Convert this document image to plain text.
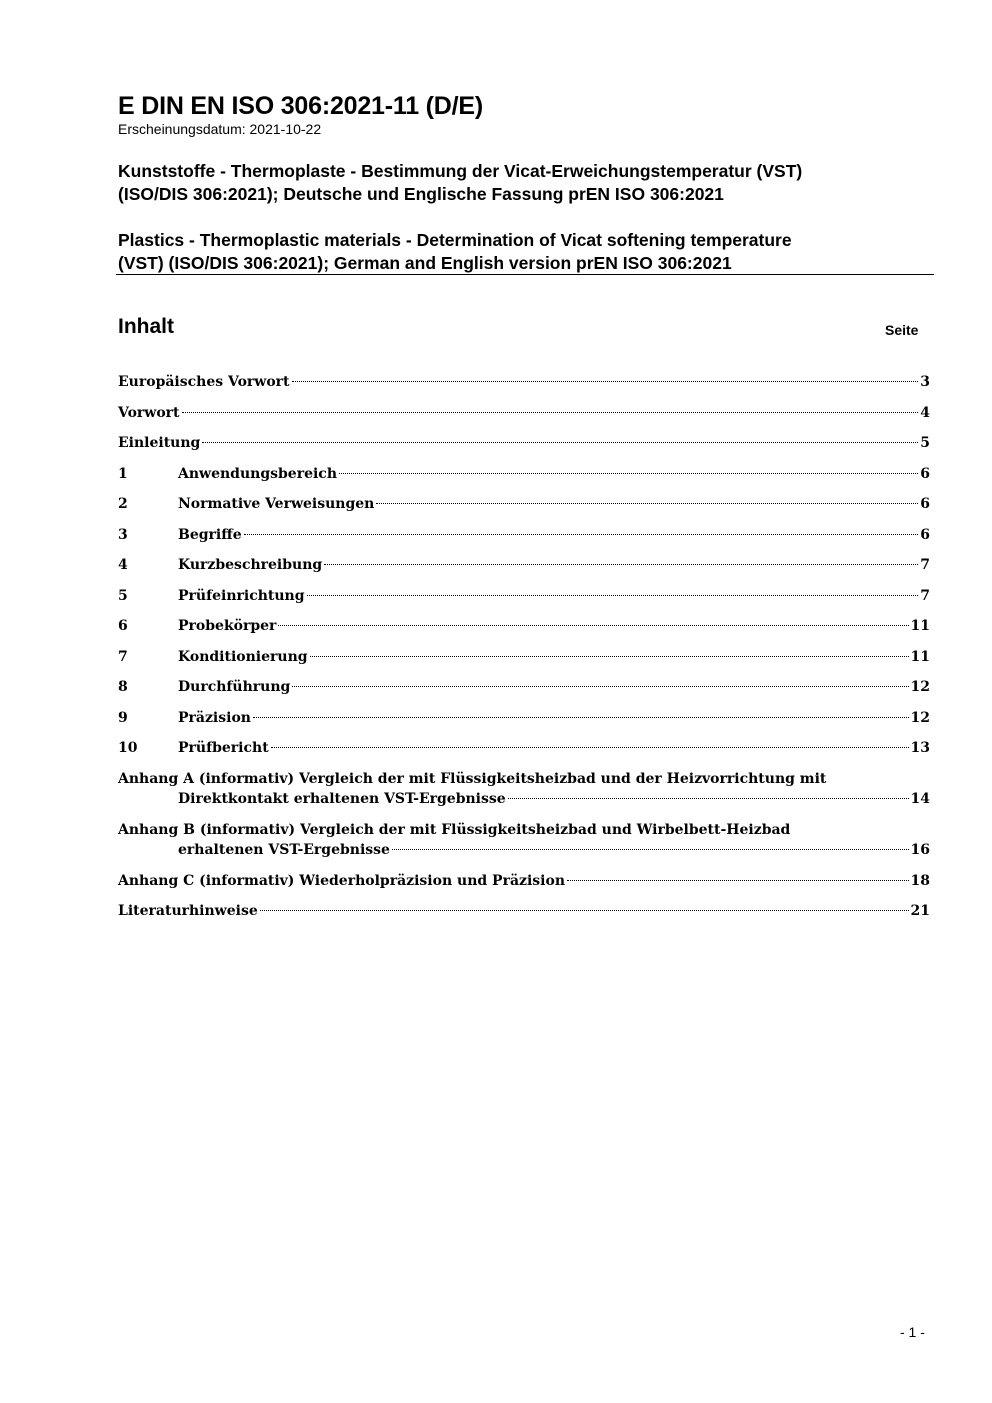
E DIN EN ISO 306:2021-11 (D/E)

Erscheinungsdatum: 2021-10-22

Kunststoffe - Thermoplaste - Bestimmung der Vicat-Erweichungstemperatur (VST)
(ISO/DIS 306:2021); Deutsche und Englische Fassung prEN ISO 306:2021
Plastics - Thermoplastic materials - Determination of Vicat softening temperature
(VST) (ISO/DIS 306:2021); German and English version prEN ISO 306:2021
Inhalt	Seite
Europäisches Vorwort	3
Vorwort	4
Einleitung	5
1	Anwendungsbereich	6
2	Normative Verweisungen	6
3	Begriffe	6
4	Kurzbeschreibung	7
5	Prüfeinrichtung	7
6	Probekörper	11
7	Konditionierung	11
8	Durchführung	12
9	Präzision	12
10	Prüfbericht	13
Anhang A (informativ) Vergleich der mit Flüssigkeitsheizbad und der Heizvorrichtung mit
Direktkontakt erhaltenen VST-Ergebnisse	14
Anhang B (informativ) Vergleich der mit Flüssigkeitsheizbad und Wirbelbett-Heizbad
erhaltenen VST-Ergebnisse	16
Anhang C (informativ) Wiederholpräzision und Präzision	18
Literaturhinweise	21
- 1 -
